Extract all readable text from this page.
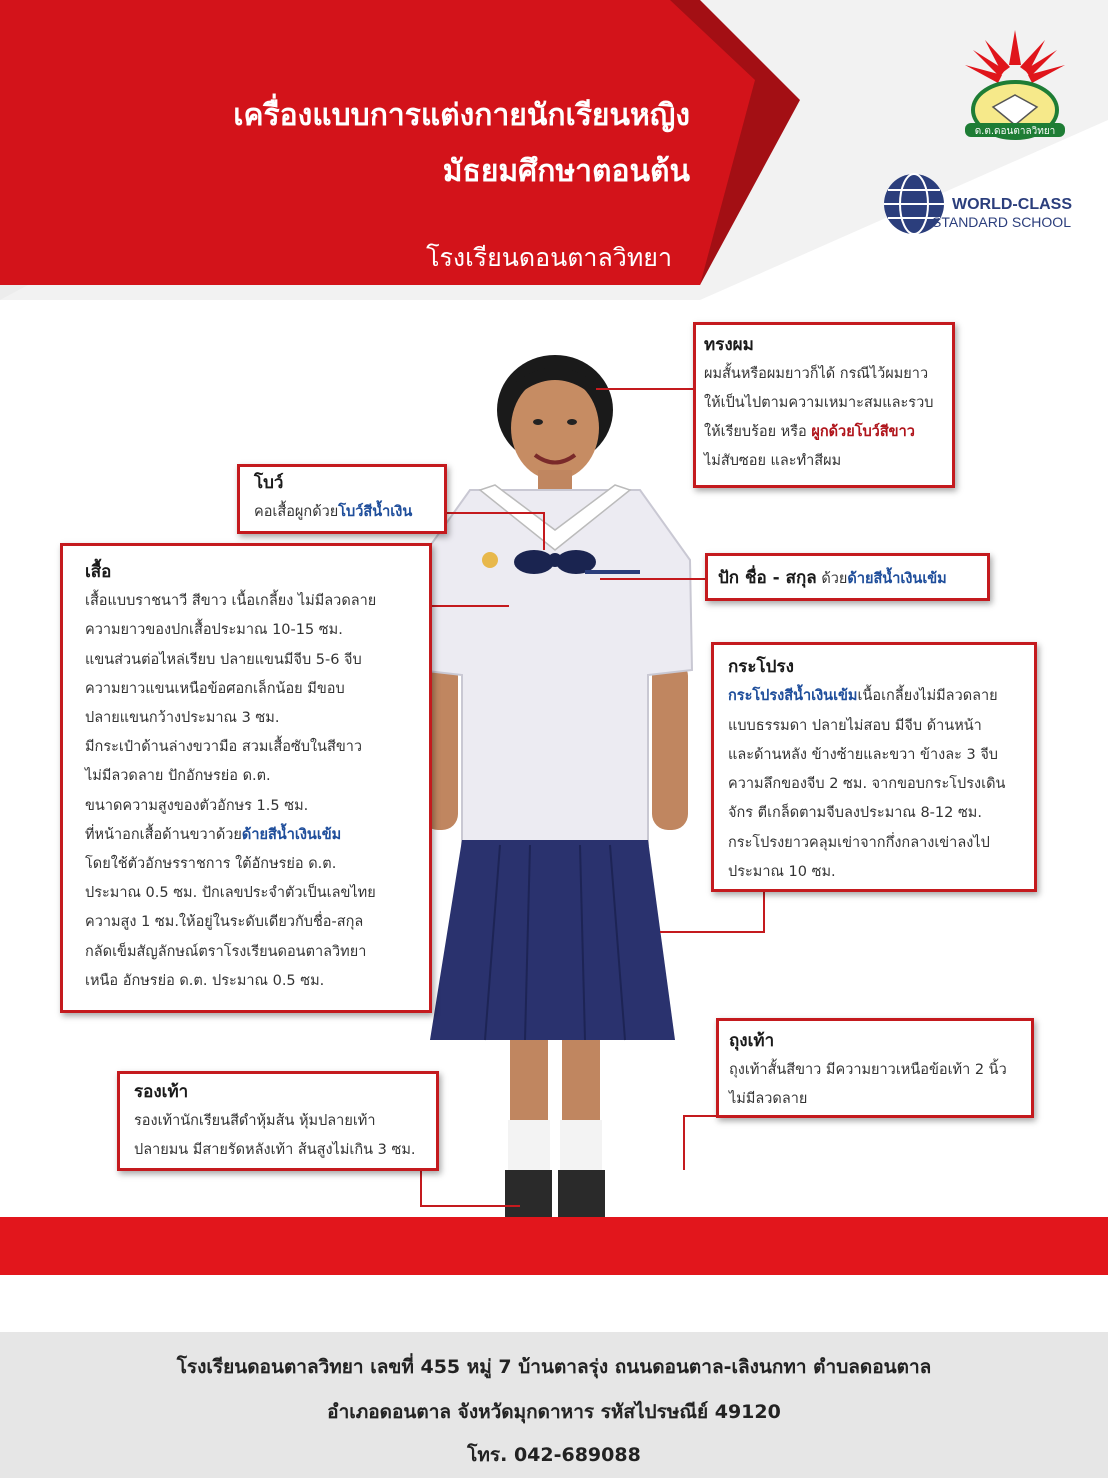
เครื่องแบบการแต่งกายนักเรียนหญิง
มัธยมศึกษาตอนต้น
โรงเรียนดอนตาลวิทยา
ด.ต.ดอนตาลวิทยา
WORLD-CLASS
STANDARD SCHOOL
ทรงผม
ผมสั้นหรือผมยาวก็ได้ กรณีไว้ผมยาว
ให้เป็นไปตามความเหมาะสมและรวบ
ให้เรียบร้อย หรือ ผูกด้วยโบว์สีขาว
ไม่สับซอย และทำสีผม
โบว์
คอเสื้อผูกด้วยโบว์สีน้ำเงิน
ปัก ชื่อ - สกุล ด้วยด้ายสีน้ำเงินเข้ม
เสื้อ
เสื้อแบบราชนาวี สีขาว เนื้อเกลี้ยง ไม่มีลวดลาย
ความยาวของปกเสื้อประมาณ 10-15 ซม.
แขนส่วนต่อไหล่เรียบ ปลายแขนมีจีบ 5-6 จีบ
ความยาวแขนเหนือข้อศอกเล็กน้อย มีขอบ
ปลายแขนกว้างประมาณ 3 ซม.
มีกระเป๋าด้านล่างขวามือ สวมเสื้อซับในสีขาว
ไม่มีลวดลาย ปักอักษรย่อ ด.ต.
ขนาดความสูงของตัวอักษร 1.5 ซม.
ที่หน้าอกเสื้อด้านขวาด้วยด้ายสีน้ำเงินเข้ม
โดยใช้ตัวอักษรราชการ ใต้อักษรย่อ ด.ต.
ประมาณ 0.5 ซม. ปักเลขประจำตัวเป็นเลขไทย
ความสูง 1 ซม.ให้อยู่ในระดับเดียวกับชื่อ-สกุล
กลัดเข็มสัญลักษณ์ตราโรงเรียนดอนตาลวิทยา
เหนือ อักษรย่อ ด.ต. ประมาณ 0.5 ซม.
กระโปรง
กระโปรงสีน้ำเงินเข้มเนื้อเกลี้ยงไม่มีลวดลาย
แบบธรรมดา ปลายไม่สอบ มีจีบ ด้านหน้า
และด้านหลัง ข้างซ้ายและขวา ข้างละ 3 จีบ
ความลึกของจีบ 2 ซม. จากขอบกระโปรงเดิน
จักร ตีเกล็ดตามจีบลงประมาณ 8-12 ซม.
กระโปรงยาวคลุมเข่าจากกึ่งกลางเข่าลงไป
ประมาณ 10 ซม.
ถุงเท้า
ถุงเท้าสั้นสีขาว มีความยาวเหนือข้อเท้า 2 นิ้ว
ไม่มีลวดลาย
รองเท้า
รองเท้านักเรียนสีดำหุ้มส้น หุ้มปลายเท้า
ปลายมน มีสายรัดหลังเท้า ส้นสูงไม่เกิน 3 ซม.
โรงเรียนดอนตาลวิทยา เลขที่ 455 หมู่ 7 บ้านตาลรุ่ง ถนนดอนตาล-เลิงนกทา ตำบลดอนตาล
อำเภอดอนตาล จังหวัดมุกดาหาร รหัสไปรษณีย์ 49120
โทร. 042-689088
